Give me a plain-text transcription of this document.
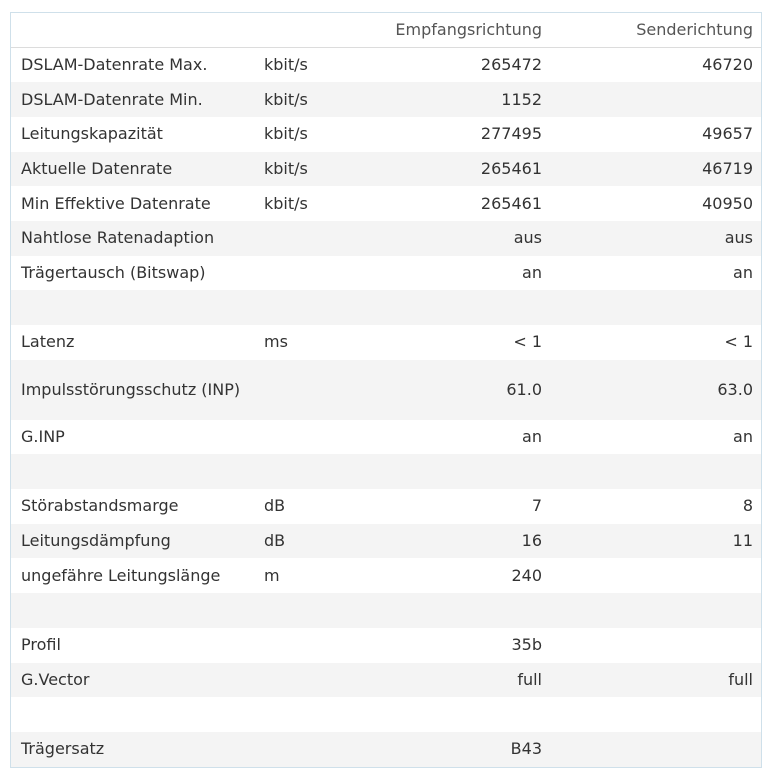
		Empfangsrichtung	Senderichtung
DSLAM-Datenrate Max.	kbit/s	265472	46720
DSLAM-Datenrate Min.	kbit/s	1152	
Leitungskapazität	kbit/s	277495	49657
Aktuelle Datenrate	kbit/s	265461	46719
Min Effektive Datenrate	kbit/s	265461	40950
Nahtlose Ratenadaption		aus	aus
Trägertausch (Bitswap)		an	an

Latenz	ms	< 1	< 1
Impulsstörungsschutz (INP)		61.0	63.0
G.INP		an	an

Störabstandsmarge	dB	7	8
Leitungsdämpfung	dB	16	11
ungefähre Leitungslänge	m	240	

Profil		35b	
G.Vector		full	full

Trägersatz		B43	
